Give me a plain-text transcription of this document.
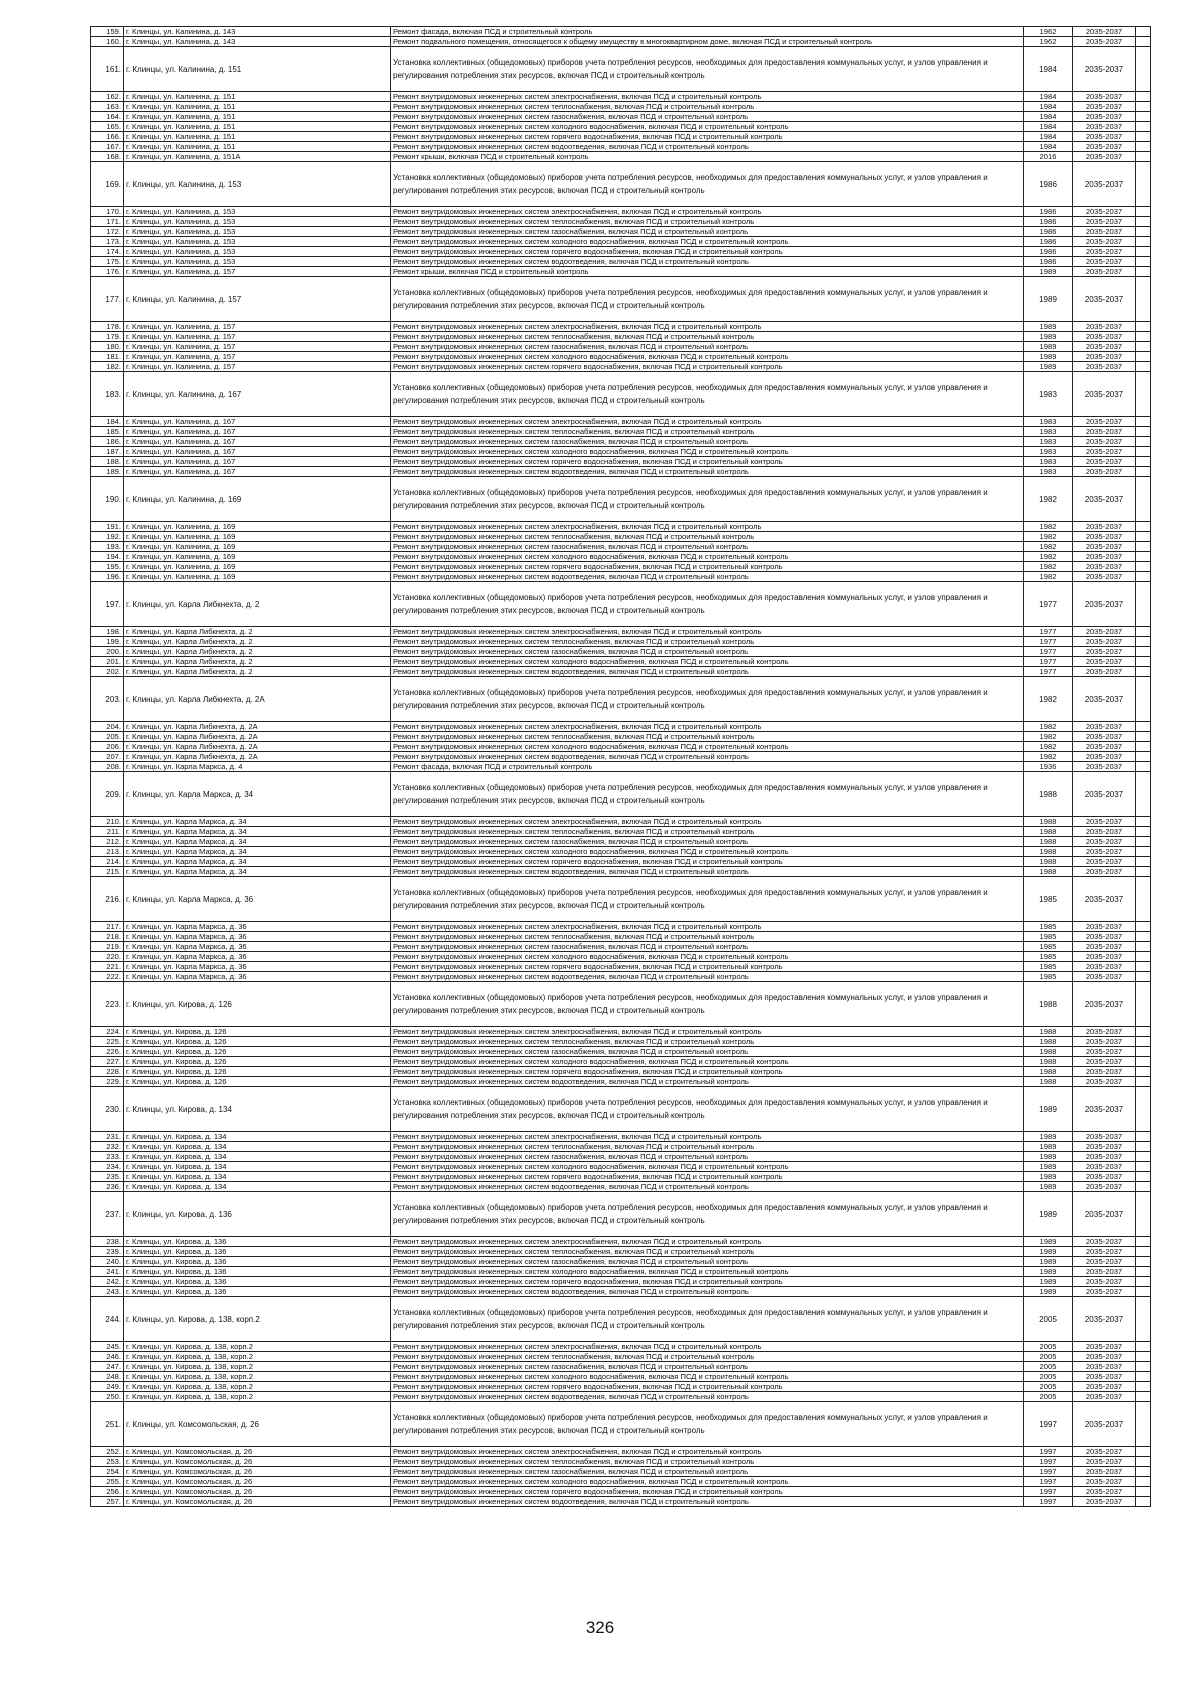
159.	г. Клинцы, ул. Калинина, д. 143	Ремонт фасада, включая ПСД и строительный контроль	1962	2035-2037	
160.	г. Клинцы, ул. Калинина, д. 143	Ремонт подвального помещения, относящегося к общему имуществу в многоквартирном доме, включая ПСД и строительный контроль	1962	2035-2037	
161.	г. Клинцы, ул. Калинина, д. 151	Установка коллективных (общедомовых) приборов учета потребления ресурсов, необходимых для предоставления коммунальных услуг, и узлов управления и регулирования потребления этих ресурсов, включая ПСД и строительный контроль	1984	2035-2037	
162.	г. Клинцы, ул. Калинина, д. 151	Ремонт внутридомовых инженерных систем электроснабжения, включая ПСД и строительный контроль	1984	2035-2037	
163.	г. Клинцы, ул. Калинина, д. 151	Ремонт внутридомовых инженерных систем теплоснабжения, включая ПСД и строительный контроль	1984	2035-2037	
164.	г. Клинцы, ул. Калинина, д. 151	Ремонт внутридомовых инженерных систем газоснабжения, включая ПСД и строительный контроль	1984	2035-2037	
165.	г. Клинцы, ул. Калинина, д. 151	Ремонт внутридомовых инженерных систем холодного водоснабжения, включая ПСД и строительный контроль	1984	2035-2037	
166.	г. Клинцы, ул. Калинина, д. 151	Ремонт внутридомовых инженерных систем горячего водоснабжения, включая ПСД и строительный контроль	1984	2035-2037	
167.	г. Клинцы, ул. Калинина, д. 151	Ремонт внутридомовых инженерных систем водоотведения, включая ПСД и строительный контроль	1984	2035-2037	
168.	г. Клинцы, ул. Калинина, д. 151А	Ремонт крыши, включая ПСД и строительный контроль	2016	2035-2037	
169.	г. Клинцы, ул. Калинина, д. 153	Установка коллективных (общедомовых) приборов учета потребления ресурсов, необходимых для предоставления коммунальных услуг, и узлов управления и регулирования потребления этих ресурсов, включая ПСД и строительный контроль	1986	2035-2037	
170.	г. Клинцы, ул. Калинина, д. 153	Ремонт внутридомовых инженерных систем электроснабжения, включая ПСД и строительный контроль	1986	2035-2037	
171.	г. Клинцы, ул. Калинина, д. 153	Ремонт внутридомовых инженерных систем теплоснабжения, включая ПСД и строительный контроль	1986	2035-2037	
172.	г. Клинцы, ул. Калинина, д. 153	Ремонт внутридомовых инженерных систем газоснабжения, включая ПСД и строительный контроль	1986	2035-2037	
173.	г. Клинцы, ул. Калинина, д. 153	Ремонт внутридомовых инженерных систем холодного водоснабжения, включая ПСД и строительный контроль	1986	2035-2037	
174.	г. Клинцы, ул. Калинина, д. 153	Ремонт внутридомовых инженерных систем горячего водоснабжения, включая ПСД и строительный контроль	1986	2035-2037	
175.	г. Клинцы, ул. Калинина, д. 153	Ремонт внутридомовых инженерных систем водоотведения, включая ПСД и строительный контроль	1986	2035-2037	
176.	г. Клинцы, ул. Калинина, д. 157	Ремонт крыши, включая ПСД и строительный контроль	1989	2035-2037	
177.	г. Клинцы, ул. Калинина, д. 157	Установка коллективных (общедомовых) приборов учета потребления ресурсов, необходимых для предоставления коммунальных услуг, и узлов управления и регулирования потребления этих ресурсов, включая ПСД и строительный контроль	1989	2035-2037	
178.	г. Клинцы, ул. Калинина, д. 157	Ремонт внутридомовых инженерных систем электроснабжения, включая ПСД и строительный контроль	1989	2035-2037	
179.	г. Клинцы, ул. Калинина, д. 157	Ремонт внутридомовых инженерных систем теплоснабжения, включая ПСД и строительный контроль	1989	2035-2037	
180.	г. Клинцы, ул. Калинина, д. 157	Ремонт внутридомовых инженерных систем газоснабжения, включая ПСД и строительный контроль	1989	2035-2037	
181.	г. Клинцы, ул. Калинина, д. 157	Ремонт внутридомовых инженерных систем холодного водоснабжения, включая ПСД и строительный контроль	1989	2035-2037	
182.	г. Клинцы, ул. Калинина, д. 157	Ремонт внутридомовых инженерных систем горячего водоснабжения, включая ПСД и строительный контроль	1989	2035-2037	
183.	г. Клинцы, ул. Калинина, д. 167	Установка коллективных (общедомовых) приборов учета потребления ресурсов, необходимых для предоставления коммунальных услуг, и узлов управления и регулирования потребления этих ресурсов, включая ПСД и строительный контроль	1983	2035-2037	
184.	г. Клинцы, ул. Калинина, д. 167	Ремонт внутридомовых инженерных систем электроснабжения, включая ПСД и строительный контроль	1983	2035-2037	
185.	г. Клинцы, ул. Калинина, д. 167	Ремонт внутридомовых инженерных систем теплоснабжения, включая ПСД и строительный контроль	1983	2035-2037	
186.	г. Клинцы, ул. Калинина, д. 167	Ремонт внутридомовых инженерных систем газоснабжения, включая ПСД и строительный контроль	1983	2035-2037	
187.	г. Клинцы, ул. Калинина, д. 167	Ремонт внутридомовых инженерных систем холодного водоснабжения, включая ПСД и строительный контроль	1983	2035-2037	
188.	г. Клинцы, ул. Калинина, д. 167	Ремонт внутридомовых инженерных систем горячего водоснабжения, включая ПСД и строительный контроль	1983	2035-2037	
189.	г. Клинцы, ул. Калинина, д. 167	Ремонт внутридомовых инженерных систем водоотведения, включая ПСД и строительный контроль	1983	2035-2037	
190.	г. Клинцы, ул. Калинина, д. 169	Установка коллективных (общедомовых) приборов учета потребления ресурсов, необходимых для предоставления коммунальных услуг, и узлов управления и регулирования потребления этих ресурсов, включая ПСД и строительный контроль	1982	2035-2037	
191.	г. Клинцы, ул. Калинина, д. 169	Ремонт внутридомовых инженерных систем электроснабжения, включая ПСД и строительный контроль	1982	2035-2037	
192.	г. Клинцы, ул. Калинина, д. 169	Ремонт внутридомовых инженерных систем теплоснабжения, включая ПСД и строительный контроль	1982	2035-2037	
193.	г. Клинцы, ул. Калинина, д. 169	Ремонт внутридомовых инженерных систем газоснабжения, включая ПСД и строительный контроль	1982	2035-2037	
194.	г. Клинцы, ул. Калинина, д. 169	Ремонт внутридомовых инженерных систем холодного водоснабжения, включая ПСД и строительный контроль	1982	2035-2037	
195.	г. Клинцы, ул. Калинина, д. 169	Ремонт внутридомовых инженерных систем горячего водоснабжения, включая ПСД и строительный контроль	1982	2035-2037	
196.	г. Клинцы, ул. Калинина, д. 169	Ремонт внутридомовых инженерных систем водоотведения, включая ПСД и строительный контроль	1982	2035-2037	
197.	г. Клинцы, ул. Карла Либкнехта, д. 2	Установка коллективных (общедомовых) приборов учета потребления ресурсов, необходимых для предоставления коммунальных услуг, и узлов управления и регулирования потребления этих ресурсов, включая ПСД и строительный контроль	1977	2035-2037	
198.	г. Клинцы, ул. Карла Либкнехта, д. 2	Ремонт внутридомовых инженерных систем электроснабжения, включая ПСД и строительный контроль	1977	2035-2037	
199.	г. Клинцы, ул. Карла Либкнехта, д. 2	Ремонт внутридомовых инженерных систем теплоснабжения, включая ПСД и строительный контроль	1977	2035-2037	
200.	г. Клинцы, ул. Карла Либкнехта, д. 2	Ремонт внутридомовых инженерных систем газоснабжения, включая ПСД и строительный контроль	1977	2035-2037	
201.	г. Клинцы, ул. Карла Либкнехта, д. 2	Ремонт внутридомовых инженерных систем холодного водоснабжения, включая ПСД и строительный контроль	1977	2035-2037	
202.	г. Клинцы, ул. Карла Либкнехта, д. 2	Ремонт внутридомовых инженерных систем водоотведения, включая ПСД и строительный контроль	1977	2035-2037	
203.	г. Клинцы, ул. Карла Либкнехта, д. 2А	Установка коллективных (общедомовых) приборов учета потребления ресурсов, необходимых для предоставления коммунальных услуг, и узлов управления и регулирования потребления этих ресурсов, включая ПСД и строительный контроль	1982	2035-2037	
204.	г. Клинцы, ул. Карла Либкнехта, д. 2А	Ремонт внутридомовых инженерных систем электроснабжения, включая ПСД и строительный контроль	1982	2035-2037	
205.	г. Клинцы, ул. Карла Либкнехта, д. 2А	Ремонт внутридомовых инженерных систем теплоснабжения, включая ПСД и строительный контроль	1982	2035-2037	
206.	г. Клинцы, ул. Карла Либкнехта, д. 2А	Ремонт внутридомовых инженерных систем холодного водоснабжения, включая ПСД и строительный контроль	1982	2035-2037	
207.	г. Клинцы, ул. Карла Либкнехта, д. 2А	Ремонт внутридомовых инженерных систем водоотведения, включая ПСД и строительный контроль	1982	2035-2037	
208.	г. Клинцы, ул. Карла Маркса, д. 4	Ремонт фасада, включая ПСД и строительный контроль	1936	2035-2037	
209.	г. Клинцы, ул. Карла Маркса, д. 34	Установка коллективных (общедомовых) приборов учета потребления ресурсов, необходимых для предоставления коммунальных услуг, и узлов управления и регулирования потребления этих ресурсов, включая ПСД и строительный контроль	1988	2035-2037	
210.	г. Клинцы, ул. Карла Маркса, д. 34	Ремонт внутридомовых инженерных систем электроснабжения, включая ПСД и строительный контроль	1988	2035-2037	
211.	г. Клинцы, ул. Карла Маркса, д. 34	Ремонт внутридомовых инженерных систем теплоснабжения, включая ПСД и строительный контроль	1988	2035-2037	
212.	г. Клинцы, ул. Карла Маркса, д. 34	Ремонт внутридомовых инженерных систем газоснабжения, включая ПСД и строительный контроль	1988	2035-2037	
213.	г. Клинцы, ул. Карла Маркса, д. 34	Ремонт внутридомовых инженерных систем холодного водоснабжения, включая ПСД и строительный контроль	1988	2035-2037	
214.	г. Клинцы, ул. Карла Маркса, д. 34	Ремонт внутридомовых инженерных систем горячего водоснабжения, включая ПСД и строительный контроль	1988	2035-2037	
215.	г. Клинцы, ул. Карла Маркса, д. 34	Ремонт внутридомовых инженерных систем водоотведения, включая ПСД и строительный контроль	1988	2035-2037	
216.	г. Клинцы, ул. Карла Маркса, д. 36	Установка коллективных (общедомовых) приборов учета потребления ресурсов, необходимых для предоставления коммунальных услуг, и узлов управления и регулирования потребления этих ресурсов, включая ПСД и строительный контроль	1985	2035-2037	
217.	г. Клинцы, ул. Карла Маркса, д. 36	Ремонт внутридомовых инженерных систем электроснабжения, включая ПСД и строительный контроль	1985	2035-2037	
218.	г. Клинцы, ул. Карла Маркса, д. 36	Ремонт внутридомовых инженерных систем теплоснабжения, включая ПСД и строительный контроль	1985	2035-2037	
219.	г. Клинцы, ул. Карла Маркса, д. 36	Ремонт внутридомовых инженерных систем газоснабжения, включая ПСД и строительный контроль	1985	2035-2037	
220.	г. Клинцы, ул. Карла Маркса, д. 36	Ремонт внутридомовых инженерных систем холодного водоснабжения, включая ПСД и строительный контроль	1985	2035-2037	
221.	г. Клинцы, ул. Карла Маркса, д. 36	Ремонт внутридомовых инженерных систем горячего водоснабжения, включая ПСД и строительный контроль	1985	2035-2037	
222.	г. Клинцы, ул. Карла Маркса, д. 36	Ремонт внутридомовых инженерных систем водоотведения, включая ПСД и строительный контроль	1985	2035-2037	
223.	г. Клинцы, ул. Кирова, д. 126	Установка коллективных (общедомовых) приборов учета потребления ресурсов, необходимых для предоставления коммунальных услуг, и узлов управления и регулирования потребления этих ресурсов, включая ПСД и строительный контроль	1988	2035-2037	
224.	г. Клинцы, ул. Кирова, д. 126	Ремонт внутридомовых инженерных систем электроснабжения, включая ПСД и строительный контроль	1988	2035-2037	
225.	г. Клинцы, ул. Кирова, д. 126	Ремонт внутридомовых инженерных систем теплоснабжения, включая ПСД и строительный контроль	1988	2035-2037	
226.	г. Клинцы, ул. Кирова, д. 126	Ремонт внутридомовых инженерных систем газоснабжения, включая ПСД и строительный контроль	1988	2035-2037	
227.	г. Клинцы, ул. Кирова, д. 126	Ремонт внутридомовых инженерных систем холодного водоснабжения, включая ПСД и строительный контроль	1988	2035-2037	
228.	г. Клинцы, ул. Кирова, д. 126	Ремонт внутридомовых инженерных систем горячего водоснабжения, включая ПСД и строительный контроль	1988	2035-2037	
229.	г. Клинцы, ул. Кирова, д. 126	Ремонт внутридомовых инженерных систем водоотведения, включая ПСД и строительный контроль	1988	2035-2037	
230.	г. Клинцы, ул. Кирова, д. 134	Установка коллективных (общедомовых) приборов учета потребления ресурсов, необходимых для предоставления коммунальных услуг, и узлов управления и регулирования потребления этих ресурсов, включая ПСД и строительный контроль	1989	2035-2037	
231.	г. Клинцы, ул. Кирова, д. 134	Ремонт внутридомовых инженерных систем электроснабжения, включая ПСД и строительный контроль	1989	2035-2037	
232.	г. Клинцы, ул. Кирова, д. 134	Ремонт внутридомовых инженерных систем теплоснабжения, включая ПСД и строительный контроль	1989	2035-2037	
233.	г. Клинцы, ул. Кирова, д. 134	Ремонт внутридомовых инженерных систем газоснабжения, включая ПСД и строительный контроль	1989	2035-2037	
234.	г. Клинцы, ул. Кирова, д. 134	Ремонт внутридомовых инженерных систем холодного водоснабжения, включая ПСД и строительный контроль	1989	2035-2037	
235.	г. Клинцы, ул. Кирова, д. 134	Ремонт внутридомовых инженерных систем горячего водоснабжения, включая ПСД и строительный контроль	1989	2035-2037	
236.	г. Клинцы, ул. Кирова, д. 134	Ремонт внутридомовых инженерных систем водоотведения, включая ПСД и строительный контроль	1989	2035-2037	
237.	г. Клинцы, ул. Кирова, д. 136	Установка коллективных (общедомовых) приборов учета потребления ресурсов, необходимых для предоставления коммунальных услуг, и узлов управления и регулирования потребления этих ресурсов, включая ПСД и строительный контроль	1989	2035-2037	
238.	г. Клинцы, ул. Кирова, д. 136	Ремонт внутридомовых инженерных систем электроснабжения, включая ПСД и строительный контроль	1989	2035-2037	
239.	г. Клинцы, ул. Кирова, д. 136	Ремонт внутридомовых инженерных систем теплоснабжения, включая ПСД и строительный контроль	1989	2035-2037	
240.	г. Клинцы, ул. Кирова, д. 136	Ремонт внутридомовых инженерных систем газоснабжения, включая ПСД и строительный контроль	1989	2035-2037	
241.	г. Клинцы, ул. Кирова, д. 136	Ремонт внутридомовых инженерных систем холодного водоснабжения, включая ПСД и строительный контроль	1989	2035-2037	
242.	г. Клинцы, ул. Кирова, д. 136	Ремонт внутридомовых инженерных систем горячего водоснабжения, включая ПСД и строительный контроль	1989	2035-2037	
243.	г. Клинцы, ул. Кирова, д. 136	Ремонт внутридомовых инженерных систем водоотведения, включая ПСД и строительный контроль	1989	2035-2037	
244.	г. Клинцы, ул. Кирова, д. 138, корп.2	Установка коллективных (общедомовых) приборов учета потребления ресурсов, необходимых для предоставления коммунальных услуг, и узлов управления и регулирования потребления этих ресурсов, включая ПСД и строительный контроль	2005	2035-2037	
245.	г. Клинцы, ул. Кирова, д. 138, корп.2	Ремонт внутридомовых инженерных систем электроснабжения, включая ПСД и строительный контроль	2005	2035-2037	
246.	г. Клинцы, ул. Кирова, д. 138, корп.2	Ремонт внутридомовых инженерных систем теплоснабжения, включая ПСД и строительный контроль	2005	2035-2037	
247.	г. Клинцы, ул. Кирова, д. 138, корп.2	Ремонт внутридомовых инженерных систем газоснабжения, включая ПСД и строительный контроль	2005	2035-2037	
248.	г. Клинцы, ул. Кирова, д. 138, корп.2	Ремонт внутридомовых инженерных систем холодного водоснабжения, включая ПСД и строительный контроль	2005	2035-2037	
249.	г. Клинцы, ул. Кирова, д. 138, корп.2	Ремонт внутридомовых инженерных систем горячего водоснабжения, включая ПСД и строительный контроль	2005	2035-2037	
250.	г. Клинцы, ул. Кирова, д. 138, корп.2	Ремонт внутридомовых инженерных систем водоотведения, включая ПСД и строительный контроль	2005	2035-2037	
251.	г. Клинцы, ул. Комсомольская, д. 26	Установка коллективных (общедомовых) приборов учета потребления ресурсов, необходимых для предоставления коммунальных услуг, и узлов управления и регулирования потребления этих ресурсов, включая ПСД и строительный контроль	1997	2035-2037	
252.	г. Клинцы, ул. Комсомольская, д. 26	Ремонт внутридомовых инженерных систем электроснабжения, включая ПСД и строительный контроль	1997	2035-2037	
253.	г. Клинцы, ул. Комсомольская, д. 26	Ремонт внутридомовых инженерных систем теплоснабжения, включая ПСД и строительный контроль	1997	2035-2037	
254.	г. Клинцы, ул. Комсомольская, д. 26	Ремонт внутридомовых инженерных систем газоснабжения, включая ПСД и строительный контроль	1997	2035-2037	
255.	г. Клинцы, ул. Комсомольская, д. 26	Ремонт внутридомовых инженерных систем холодного водоснабжения, включая ПСД и строительный контроль	1997	2035-2037	
256.	г. Клинцы, ул. Комсомольская, д. 26	Ремонт внутридомовых инженерных систем горячего водоснабжения, включая ПСД и строительный контроль	1997	2035-2037	
257.	г. Клинцы, ул. Комсомольская, д. 26	Ремонт внутридомовых инженерных систем водоотведения, включая ПСД и строительный контроль	1997	2035-2037	
326
